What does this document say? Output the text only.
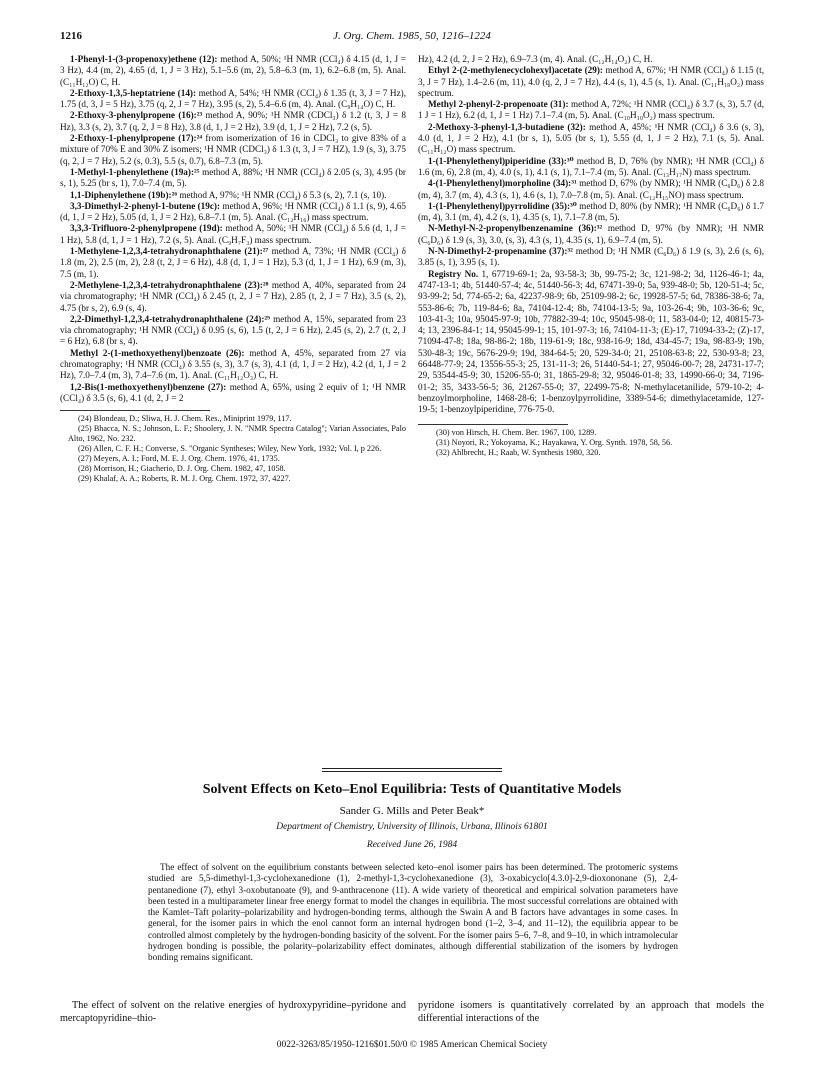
1216	J. Org. Chem. 1985, 50, 1216–1224

1-Phenyl-1-(3-propenoxy)ethene (12): method A, 50%; ¹H NMR (CCl₄) δ 4.15 (d, 1, J = 3 Hz), 4.4 (m, 2), 4.65 (d, 1, J = 3 Hz), 5.1–5.6 (m, 2), 5.8–6.3 (m, 1), 6.2–6.8 (m, 5). Anal. (C₁₁H₁₂O) C, H.

2-Ethoxy-1,3,5-heptatriene (14): method A, 54%; ¹H NMR (CCl₄) δ 1.35 (t, 3, J = 7 Hz), 1.75 (d, 3, J = 5 Hz), 3.75 (q, 2, J = 7 Hz), 3.95 (s, 2), 5.4–6.6 (m, 4). Anal. (C₉H₁₄O) C, H.

2-Ethoxy-3-phenylpropene (16):²³ method A, 90%; ¹H NMR (CDCl₃) δ 1.2 (t, 3, J = 8 Hz), 3.3 (s, 2), 3.7 (q, 2, J = 8 Hz), 3.8 (d, 1, J = 2 Hz), 3.9 (d, 1, J = 2 Hz), 7.2 (s, 5).

2-Ethoxy-1-phenylpropene (17):²⁴ from isomerization of 16 in CDCl₃ to give 83% of a mixture of 70% E and 30% Z isomers; ¹H NMR (CDCl₃) δ 1.3 (t, 3, J = 7 HZ), 1.9 (s, 3), 3.75 (q, 2, J = 7 Hz), 5.2 (s, 0.3), 5.5 (s, 0.7), 6.8–7.3 (m, 5).

1-Methyl-1-phenylethene (19a):²⁵ method A, 88%; ¹H NMR (CCl₄) δ 2.05 (s, 3), 4.95 (br s, 1), 5.25 (br s, 1), 7.0–7.4 (m, 5).

1,1-Diphenylethene (19b):²⁶ method A, 97%; ¹H NMR (CCl₄) δ 5.3 (s, 2), 7.1 (s, 10).

3,3-Dimethyl-2-phenyl-1-butene (19c): method A, 96%; ¹H NMR (CCl₄) δ 1.1 (s, 9), 4.65 (d, 1, J = 2 Hz), 5.05 (d, 1, J = 2 Hz), 6.8–7.1 (m, 5). Anal. (C₁₂H₁₆) mass spectrum.

3,3,3-Trifluoro-2-phenylpropene (19d): method A, 50%; ¹H NMR (CCl₄) δ 5.6 (d, 1, J = 1 Hz), 5.8 (d, 1, J = 1 Hz), 7.2 (s, 5). Anal. (C₉H₇F₃) mass spectrum.

1-Methylene-1,2,3,4-tetrahydronaphthalene (21):²⁷ method A, 73%; ¹H NMR (CCl₄) δ 1.8 (m, 2), 2.5 (m, 2), 2.8 (t, 2, J = 6 Hz), 4.8 (d, 1, J = 1 Hz), 5.3 (d, 1, J = 1 Hz), 6.9 (m, 3), 7.5 (m, 1).

2-Methylene-1,2,3,4-tetrahydronaphthalene (23):²⁸ method A, 40%, separated from 24 via chromatography; ¹H NMR (CCl₄) δ 2.45 (t, 2, J = 7 Hz), 2.85 (t, 2, J = 7 Hz), 3.5 (s, 2), 4.75 (br s, 2), 6.9 (s, 4).

2,2-Dimethyl-1,2,3,4-tetrahydronaphthalene (24):²⁹ method A, 15%, separated from 23 via chromatography; ¹H NMR (CCl₄) δ 0.95 (s, 6), 1.5 (t, 2, J = 6 Hz), 2.45 (s, 2), 2.7 (t, 2, J = 6 Hz), 6.8 (br s, 4).

Methyl 2-(1-methoxyethenyl)benzoate (26): method A, 45%, separated from 27 via chromatography; ¹H NMR (CCl₄) δ 3.55 (s, 3), 3.7 (s, 3), 4.1 (d, 1, J = 2 Hz), 4.2 (d, 1, J = 2 Hz), 7.0–7.4 (m, 3), 7.4–7.6 (m, 1). Anal. (C₁₁H₁₂O₃) C, H.

1,2-Bis(1-methoxyethenyl)benzene (27): method A, 65%, using 2 equiv of 1; ¹H NMR (CCl₄) δ 3.5 (s, 6), 4.1 (d, 2, J = 2

(24) Blondeau, D.; Sliwa, H. J. Chem. Res., Miniprint 1979, 117.

(25) Bhacca, N. S.; Johnson, L. F.; Shoolery, J. N. "NMR Spectra Catalog"; Varian Associates, Palo Alto, 1962, No. 232.

(26) Allen, C. F. H.; Converse, S. "Organic Syntheses; Wiley, New York, 1932; Vol. I, p 226.

(27) Meyers, A. I.; Ford, M. E. J. Org. Chem. 1976, 41, 1735.

(28) Morrison, H.; Giacherio, D. J. Org. Chem. 1982, 47, 1058.

(29) Khalaf, A. A.; Roberts, R. M. J. Org. Chem. 1972, 37, 4227.

Hz), 4.2 (d, 2, J = 2 Hz), 6.9–7.3 (m, 4). Anal. (C₁₂H₁₄O₂) C, H.

Ethyl 2-(2-methylenecyclohexyl)acetate (29): method A, 67%; ¹H NMR (CCl₄) δ 1.15 (t, 3, J = 7 Hz), 1.4–2.6 (m, 11), 4.0 (q, 2, J = 7 Hz), 4.4 (s, 1), 4.5 (s, 1). Anal. (C₁₁H₁₈O₂) mass spectrum.

Methyl 2-phenyl-2-propenoate (31): method A, 72%; ¹H NMR (CCl₄) δ 3.7 (s, 3), 5.7 (d, 1 J = 1 Hz), 6.2 (d, 1, J = 1 Hz) 7.1–7.4 (m, 5). Anal. (C₁₀H₁₀O₂) mass spectrum.

2-Methoxy-3-phenyl-1,3-butadiene (32): method A, 45%; ¹H NMR (CCl₄) δ 3.6 (s, 3), 4.0 (d, 1, J = 2 Hz), 4.1 (br s, 1), 5.05 (br s, 1), 5.55 (d, 1, J = 2 Hz), 7.1 (s, 5). Anal. (C₁₁H₁₂O) mass spectrum.

1-(1-Phenylethenyl)piperidine (33):³⁰ method B, D, 76% (by NMR); ¹H NMR (CCl₄) δ 1.6 (m, 6), 2.8 (m, 4), 4.0 (s, 1), 4.1 (s, 1), 7.1–7.4 (m, 5). Anal. (C₁₃H₁₇N) mass spectrum.

4-(1-Phenylethenyl)morpholine (34):³¹ method D, 67% (by NMR); ¹H NMR (C₆D₆) δ 2.8 (m, 4), 3.7 (m, 4), 4.3 (s, 1), 4.6 (s, 1), 7.0–7.8 (m, 5). Anal. (C₁₂H₁₅NO) mass spectrum.

1-(1-Phenylethenyl)pyrrolidine (35):³⁰ method D, 80% (by NMR); ¹H NMR (C₆D₆) δ 1.7 (m, 4), 3.1 (m, 4), 4.2 (s, 1), 4.35 (s, 1), 7.1–7.8 (m, 5).

N-Methyl-N-2-propenylbenzenamine (36):³² method D, 97% (by NMR); ¹H NMR (C₆D₆) δ 1.9 (s, 3), 3.0, (s, 3), 4.3 (s, 1), 4.35 (s, 1), 6.9–7.4 (m, 5).

N-N-Dimethyl-2-propenamine (37):³² method D; ¹H NMR (C₆D₆) δ 1.9 (s, 3), 2.6 (s, 6), 3.85 (s, 1), 3.95 (s, 1).

Registry No. 1, 67719-69-1; 2a, 93-58-3; 3b, 99-75-2; 3c, 121-98-2; 3d, 1126-46-1; 4a, 4747-13-1; 4b, 51440-57-4; 4c, 51440-56-3; 4d, 67471-39-0; 5a, 939-48-0; 5b, 120-51-4; 5c, 93-99-2; 5d, 774-65-2; 6a, 42237-98-9; 6b, 25109-98-2; 6c, 19928-57-5; 6d, 78386-38-6; 7a, 553-86-6; 7b, 119-84-6; 8a, 74104-12-4; 8b, 74104-13-5; 9a, 103-26-4; 9b, 103-36-6; 9c, 103-41-3; 10a, 95045-97-9; 10b, 77882-39-4; 10c, 95045-98-0; 11, 583-04-0; 12, 40815-73-4; 13, 2396-84-1; 14, 95045-99-1; 15, 101-97-3; 16, 74104-11-3; (E)-17, 71094-33-2; (Z)-17, 71094-47-8; 18a, 98-86-2; 18b, 119-61-9; 18c, 938-16-9; 18d, 434-45-7; 19a, 98-83-9; 19b, 530-48-3; 19c, 5676-29-9; 19d, 384-64-5; 20, 529-34-0; 21, 25108-63-8; 22, 530-93-8; 23, 66448-77-9; 24, 13556-55-3; 25, 131-11-3; 26, 51440-54-1; 27, 95046-00-7; 28, 24731-17-7; 29, 53544-45-9; 30, 15206-55-0; 31, 1865-29-8; 32, 95046-01-8; 33, 14990-66-0; 34, 7196-01-2; 35, 3433-56-5; 36, 21267-55-0; 37, 22499-75-8; N-methylacetanilide, 579-10-2; 4-benzoylmorpholine, 1468-28-6; 1-benzoylpyrrolidine, 3389-54-6; dimethylacetamide, 127-19-5; 1-benzoylpiperidine, 776-75-0.

(30) von Hirsch, H. Chem. Ber. 1967, 100, 1289.

(31) Noyori, R.; Yokoyama, K.; Hayakawa, Y. Org. Synth. 1978, 58, 56.

(32) Ahlbrecht, H.; Raab, W. Synthesis 1980, 320.

Solvent Effects on Keto–Enol Equilibria: Tests of Quantitative Models
Sander G. Mills and Peter Beak*
Department of Chemistry, University of Illinois, Urbana, Illinois 61801
Received June 26, 1984
The effect of solvent on the equilibrium constants between selected keto–enol isomer pairs has been determined. The protomeric systems studied are 5,5-dimethyl-1,3-cyclohexanedione (1), 2-methyl-1,3-cyclohexanedione (3), 3-oxabicyclo[4.3.0]-2,9-dioxononane (5), 2,4-pentanedione (7), ethyl 3-oxobutanoate (9), and 9-anthracenone (11). A wide variety of theoretical and empirical solvation parameters have been tested in a multiparameter linear free energy format to model the changes in equilibria. The most successful correlations are obtained with the Kamlet–Taft polarity–polarizability and hydrogen-bonding terms, although the Swain A and B factors have advantages in some cases. In general, for the isomer pairs in which the enol cannot form an internal hydrogen bond (1–2, 3–4, and 11–12), the equilibria appear to be controlled almost completely by the hydrogen-bonding basicity of the solvent. For the isomer pairs 5–6, 7–8, and 9–10, in which intramolecular hydrogen bonding is possible, the polarity–polarizability effect dominates, although differential stabilization of the isomers by hydrogen bonding remains significant.
The effect of solvent on the relative energies of hydroxypyridine–pyridone and mercaptopyridine–thio-
pyridone isomers is quantitatively correlated by an approach that models the differential interactions of the
0022-3263/85/1950-1216$01.50/0 © 1985 American Chemical Society
